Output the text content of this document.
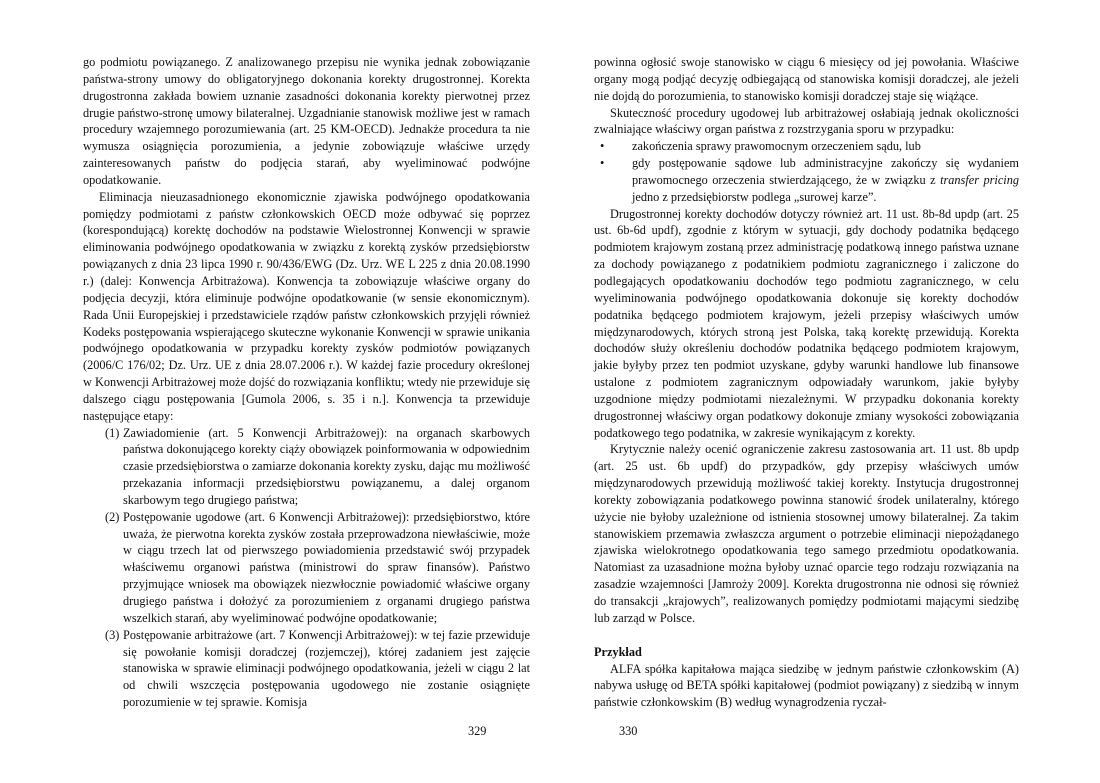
go podmiotu powiązanego. Z analizowanego przepisu nie wynika jednak zobowiązanie państwa-strony umowy do obligatoryjnego dokonania korekty drugostronnej. Korekta drugostronna zakłada bowiem uznanie zasadności dokonania korekty pierwotnej przez drugie państwo-stronę umowy bilateralnej. Uzgadnianie stanowisk możliwe jest w ramach procedury wzajemnego porozumiewania (art. 25 KM-OECD). Jednakże procedura ta nie wymusza osiągnięcia porozumienia, a jedynie zobowiązuje właściwe urzędy zainteresowanych państw do podjęcia starań, aby wyeliminować podwójne opodatkowanie.

Eliminacja nieuzasadnionego ekonomicznie zjawiska podwójnego opodatkowania pomiędzy podmiotami z państw członkowskich OECD może odbywać się poprzez (korespondującą) korektę dochodów na podstawie Wielostronnej Konwencji w sprawie eliminowania podwójnego opodatkowania w związku z korektą zysków przedsiębiorstw powiązanych z dnia 23 lipca 1990 r. 90/436/EWG (Dz. Urz. WE L 225 z dnia 20.08.1990 r.) (dalej: Konwencja Arbitrażowa). Konwencja ta zobowiązuje właściwe organy do podjęcia decyzji, która eliminuje podwójne opodatkowanie (w sensie ekonomicznym). Rada Unii Europejskiej i przedstawiciele rządów państw członkowskich przyjęli również Kodeks postępowania wspierającego skuteczne wykonanie Konwencji w sprawie unikania podwójnego opodatkowania w przypadku korekty zysków podmiotów powiązanych (2006/C 176/02; Dz. Urz. UE z dnia 28.07.2006 r.). W każdej fazie procedury określonej w Konwencji Arbitrażowej może dojść do rozwiązania konfliktu; wtedy nie przewiduje się dalszego ciągu postępowania [Gumola 2006, s. 35 i n.]. Konwencja ta przewiduje następujące etapy:

(1) Zawiadomienie (art. 5 Konwencji Arbitrażowej): na organach skarbowych państwa dokonującego korekty ciąży obowiązek poinformowania w odpowiednim czasie przedsiębiorstwa o zamiarze dokonania korekty zysku, dając mu możliwość przekazania informacji przedsiębiorstwu powiązanemu, a dalej organom skarbowym tego drugiego państwa;
(2) Postępowanie ugodowe (art. 6 Konwencji Arbitrażowej): przedsiębiorstwo, które uważa, że pierwotna korekta zysków została przeprowadzona niewłaściwie, może w ciągu trzech lat od pierwszego powiadomienia przedstawić swój przypadek właściwemu organowi państwa (ministrowi do spraw finansów). Państwo przyjmujące wniosek ma obowiązek niezwłocznie powiadomić właściwe organy drugiego państwa i dołożyć za porozumieniem z organami drugiego państwa wszelkich starań, aby wyeliminować podwójne opodatkowanie;
(3) Postępowanie arbitrażowe (art. 7 Konwencji Arbitrażowej): w tej fazie przewiduje się powołanie komisji doradczej (rozjemczej), której zadaniem jest zajęcie stanowiska w sprawie eliminacji podwójnego opodatkowania, jeżeli w ciągu 2 lat od chwili wszczęcia postępowania ugodowego nie zostanie osiągnięte porozumienie w tej sprawie. Komisja
329

powinna ogłosić swoje stanowisko w ciągu 6 miesięcy od jej powołania. Właściwe organy mogą podjąć decyzję odbiegającą od stanowiska komisji doradczej, ale jeżeli nie dojdą do porozumienia, to stanowisko komisji doradczej staje się wiążące.

Skuteczność procedury ugodowej lub arbitrażowej osłabiają jednak okoliczności zwalniające właściwy organ państwa z rozstrzygania sporu w przypadku:

• zakończenia sprawy prawomocnym orzeczeniem sądu, lub
• gdy postępowanie sądowe lub administracyjne zakończy się wydaniem prawomocnego orzeczenia stwierdzającego, że w związku z transfer pricing jedno z przedsiębiorstw podlega „surowej karze”.

Drugostronnej korekty dochodów dotyczy również art. 11 ust. 8b-8d updp (art. 25 ust. 6b-6d updf), zgodnie z którym w sytuacji, gdy dochody podatnika będącego podmiotem krajowym zostaną przez administrację podatkową innego państwa uznane za dochody powiązanego z podatnikiem podmiotu zagranicznego i zaliczone do podlegających opodatkowaniu dochodów tego podmiotu zagranicznego, w celu wyeliminowania podwójnego opodatkowania dokonuje się korekty dochodów podatnika będącego podmiotem krajowym, jeżeli przepisy właściwych umów międzynarodowych, których stroną jest Polska, taką korektę przewidują. Korekta dochodów służy określeniu dochodów podatnika będącego podmiotem krajowym, jakie byłyby przez ten podmiot uzyskane, gdyby warunki handlowe lub finansowe ustalone z podmiotem zagranicznym odpowiadały warunkom, jakie byłyby uzgodnione między podmiotami niezależnymi. W przypadku dokonania korekty drugostronnej właściwy organ podatkowy dokonuje zmiany wysokości zobowiązania podatkowego tego podatnika, w zakresie wynikającym z korekty.

Krytycznie należy ocenić ograniczenie zakresu zastosowania art. 11 ust. 8b updp (art. 25 ust. 6b updf) do przypadków, gdy przepisy właściwych umów międzynarodowych przewidują możliwość takiej korekty. Instytucja drugostronnej korekty zobowiązania podatkowego powinna stanowić środek unilateralny, którego użycie nie byłoby uzależnione od istnienia stosownej umowy bilateralnej. Za takim stanowiskiem przemawia zwłaszcza argument o potrzebie eliminacji niepożądanego zjawiska wielokrotnego opodatkowania tego samego przedmiotu opodatkowania. Natomiast za uzasadnione można byłoby uznać oparcie tego rodzaju rozwiązania na zasadzie wzajemności [Jamroży 2009]. Korekta drugostronna nie odnosi się również do transakcji „krajowych”, realizowanych pomiędzy podmiotami mającymi siedzibę lub zarząd w Polsce.

Przykład

ALFA spółka kapitałowa mająca siedzibę w jednym państwie członkowskim (A) nabywa usługę od BETA spółki kapitałowej (podmiot powiązany) z siedzibą w innym państwie członkowskim (B) według wynagrodzenia ryczał-

330
